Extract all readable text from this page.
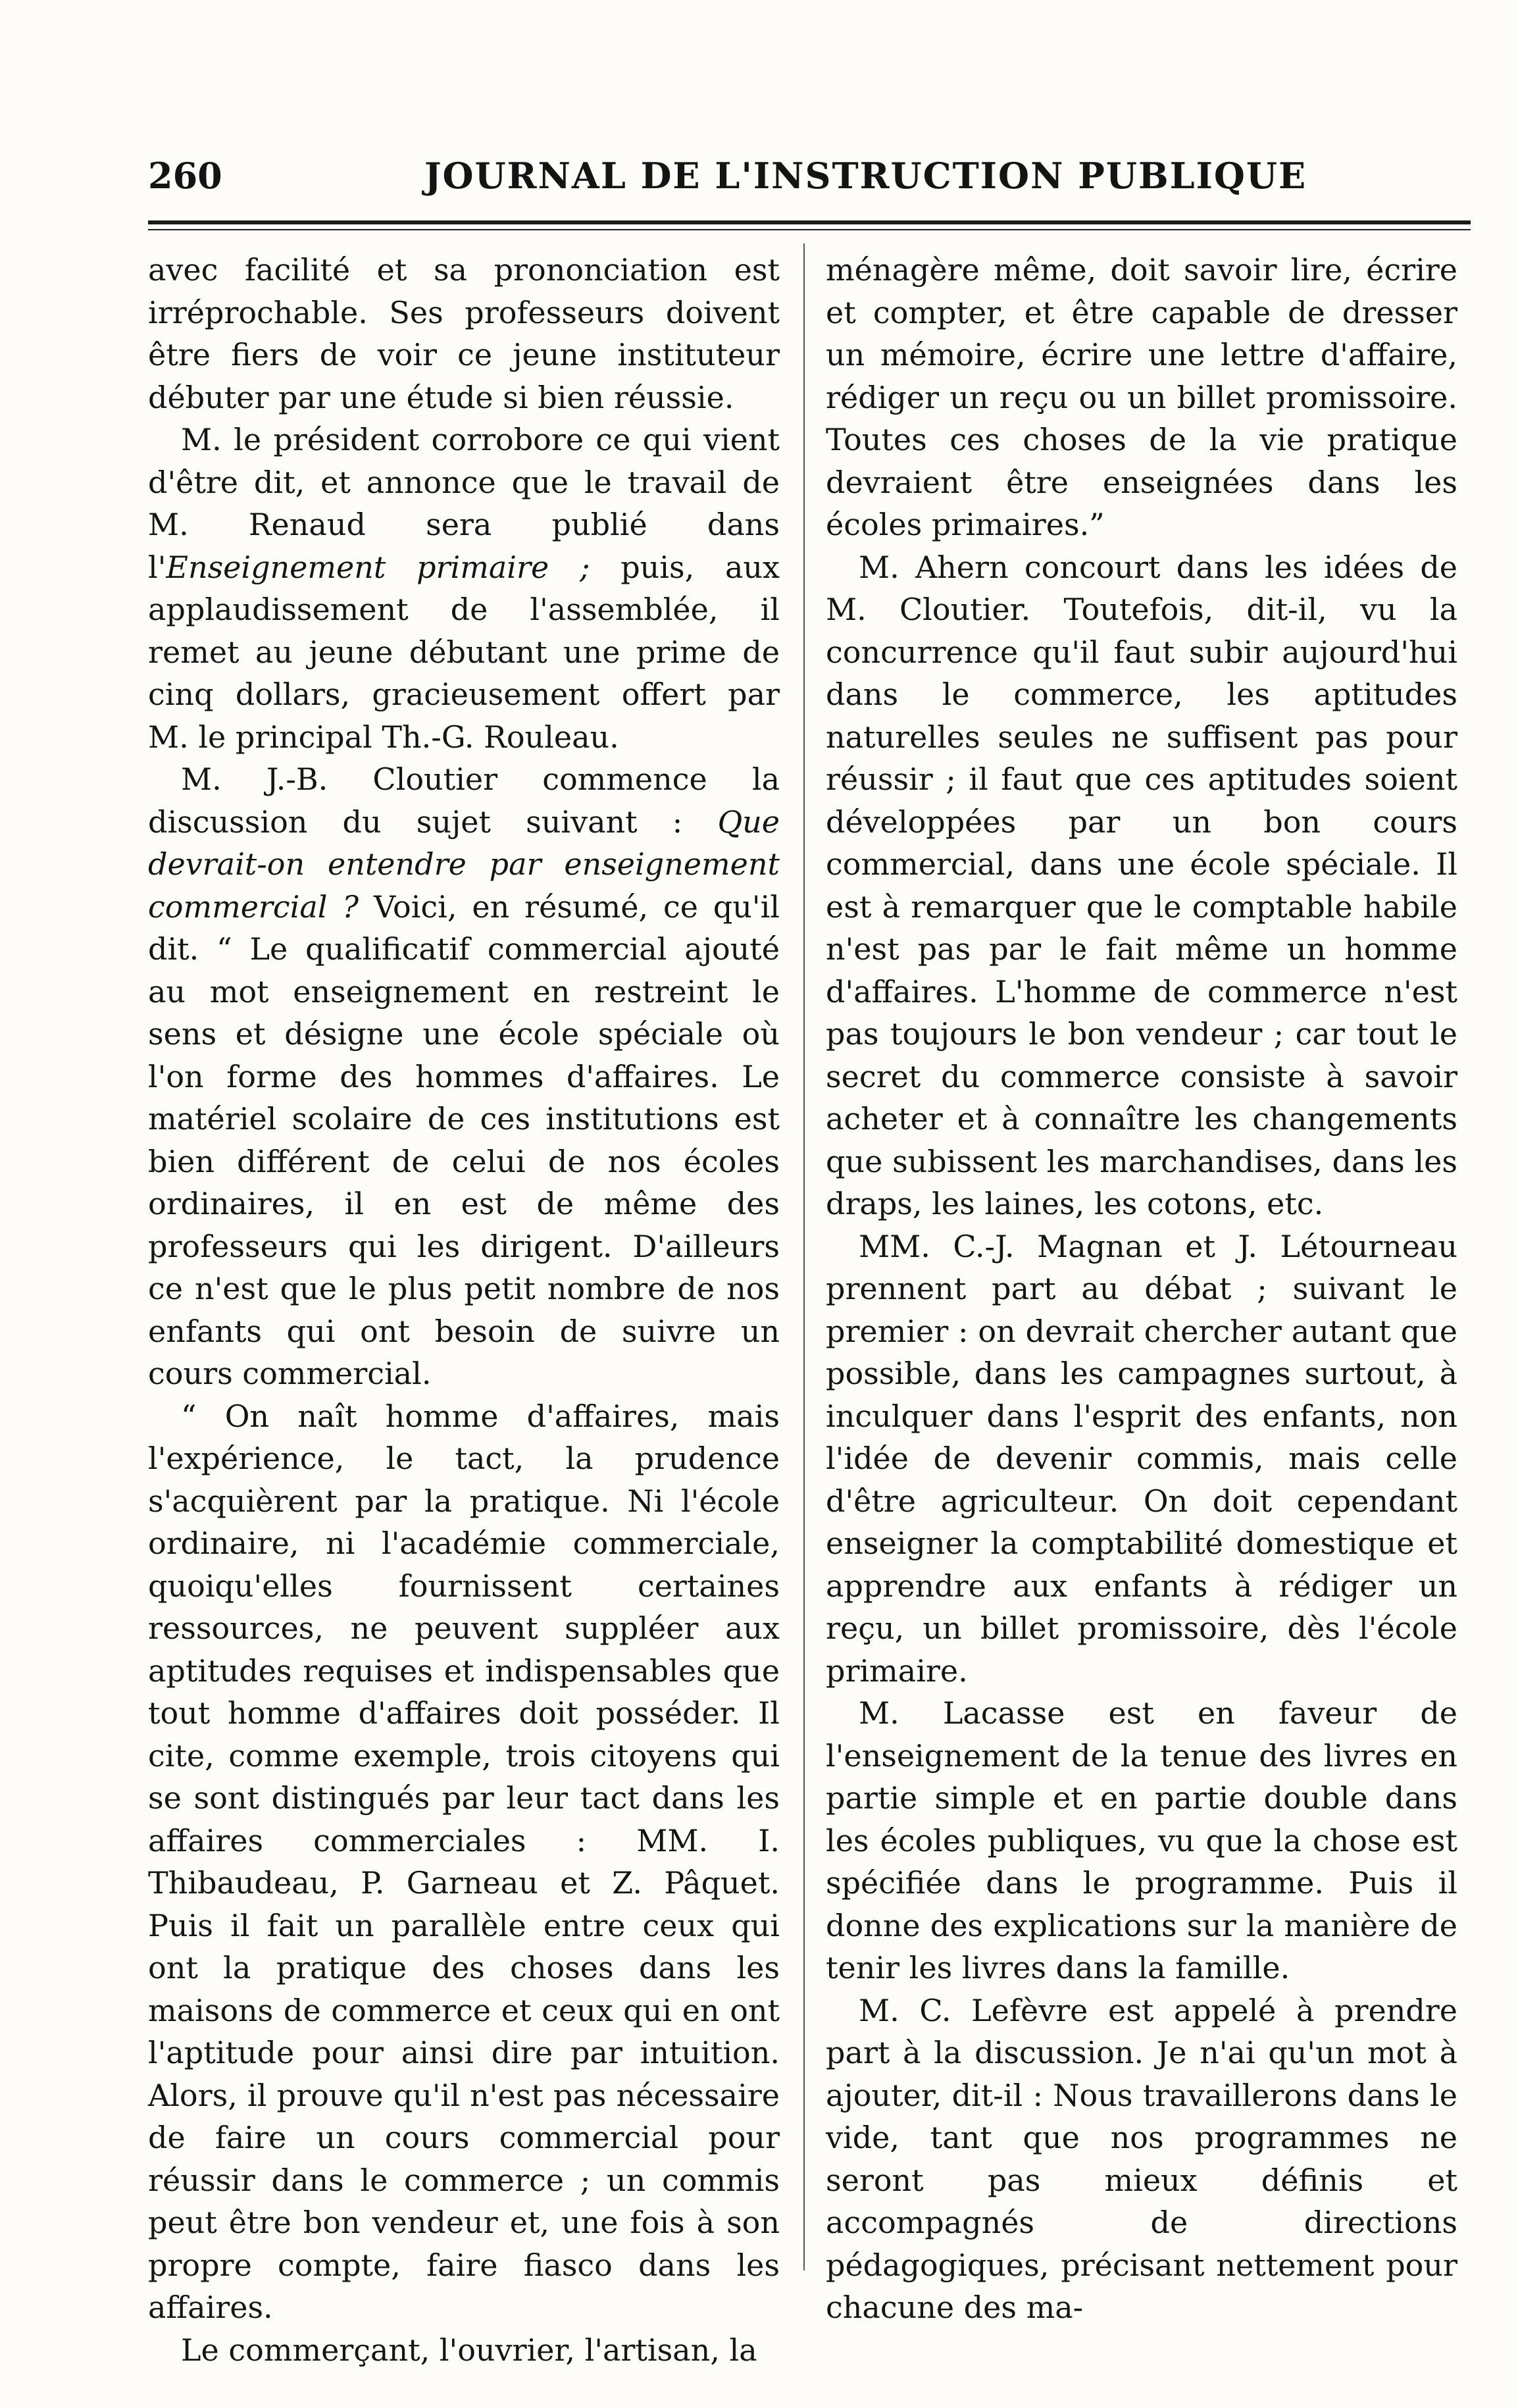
260	JOURNAL DE L'INSTRUCTION PUBLIQUE

avec facilité et sa prononciation est irréprochable. Ses professeurs doivent être fiers de voir ce jeune instituteur débuter par une étude si bien réussie.

M. le président corrobore ce qui vient d'être dit, et annonce que le travail de M. Renaud sera publié dans l'Enseignement primaire ; puis, aux applaudissement de l'assemblée, il remet au jeune débutant une prime de cinq dollars, gracieusement offert par M. le principal Th.-G. Rouleau.

M. J.-B. Cloutier commence la discussion du sujet suivant : Que devrait-on entendre par enseignement commercial ? Voici, en résumé, ce qu'il dit. “ Le qualificatif commercial ajouté au mot enseignement en restreint le sens et désigne une école spéciale où l'on forme des hommes d'affaires. Le matériel scolaire de ces institutions est bien différent de celui de nos écoles ordinaires, il en est de même des professeurs qui les dirigent. D'ailleurs ce n'est que le plus petit nombre de nos enfants qui ont besoin de suivre un cours commercial.

“ On naît homme d'affaires, mais l'expérience, le tact, la prudence s'acquièrent par la pratique. Ni l'école ordinaire, ni l'académie commerciale, quoiqu'elles fournissent certaines ressources, ne peuvent suppléer aux aptitudes requises et indispensables que tout homme d'affaires doit posséder. Il cite, comme exemple, trois citoyens qui se sont distingués par leur tact dans les affaires commerciales : MM. I. Thibaudeau, P. Garneau et Z. Pâquet. Puis il fait un parallèle entre ceux qui ont la pratique des choses dans les maisons de commerce et ceux qui en ont l'aptitude pour ainsi dire par intuition. Alors, il prouve qu'il n'est pas nécessaire de faire un cours commercial pour réussir dans le commerce ; un commis peut être bon vendeur et, une fois à son propre compte, faire fiasco dans les affaires.

Le commerçant, l'ouvrier, l'artisan, la

ménagère même, doit savoir lire, écrire et compter, et être capable de dresser un mémoire, écrire une lettre d'affaire, rédiger un reçu ou un billet promissoire. Toutes ces choses de la vie pratique devraient être enseignées dans les écoles primaires.”

M. Ahern concourt dans les idées de M. Cloutier. Toutefois, dit-il, vu la concurrence qu'il faut subir aujourd'hui dans le commerce, les aptitudes naturelles seules ne suffisent pas pour réussir ; il faut que ces aptitudes soient développées par un bon cours commercial, dans une école spéciale. Il est à remarquer que le comptable habile n'est pas par le fait même un homme d'affaires. L'homme de commerce n'est pas toujours le bon vendeur ; car tout le secret du commerce consiste à savoir acheter et à connaître les changements que subissent les marchandises, dans les draps, les laines, les cotons, etc.

MM. C.-J. Magnan et J. Létourneau prennent part au débat ; suivant le premier : on devrait chercher autant que possible, dans les campagnes surtout, à inculquer dans l'esprit des enfants, non l'idée de devenir commis, mais celle d'être agriculteur. On doit cependant enseigner la comptabilité domestique et apprendre aux enfants à rédiger un reçu, un billet promissoire, dès l'école primaire.

M. Lacasse est en faveur de l'enseignement de la tenue des livres en partie simple et en partie double dans les écoles publiques, vu que la chose est spécifiée dans le programme. Puis il donne des explications sur la manière de tenir les livres dans la famille.

M. C. Lefèvre est appelé à prendre part à la discussion. Je n'ai qu'un mot à ajouter, dit-il : Nous travaillerons dans le vide, tant que nos programmes ne seront pas mieux définis et accompagnés de directions pédagogiques, précisant nettement pour chacune des ma-
